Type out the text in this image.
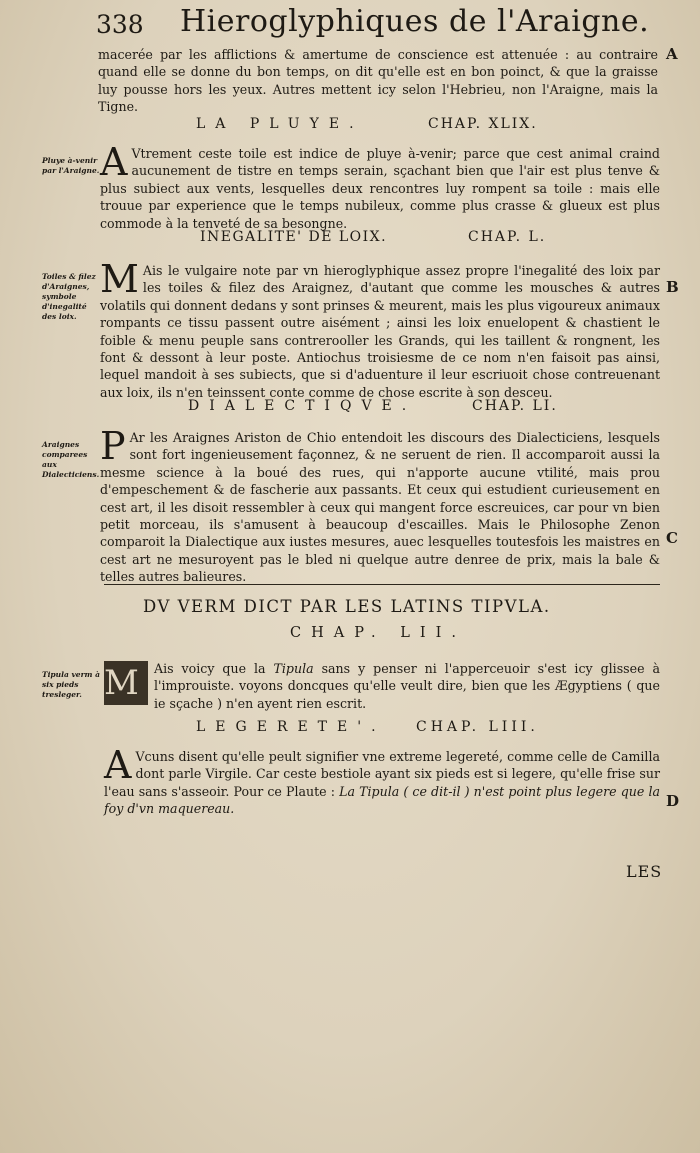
338 Hieroglyphiques de l'Araigne.
macerée par les afflictions & amertume de conscience est attenuée : au contraire quand elle se donne du bon temps, on dit qu'elle est en bon poinct, & que la graisse luy pousse hors les yeux. Autres mettent icy selon l'Hebrieu, non l'Araigne, mais la Tigne.
A
LA PLUYE.	CHAP. XLIX.
Pluye à-venir par l'Araigne. A Vtrement ceste toile est indice de pluye à-venir; parce que cest animal craind aucunement de tistre en temps serain, sçachant bien que l'air est plus tenve & plus subiect aux vents, lesquelles deux rencontres luy rompent sa toile : mais elle trouue par experience que le temps nubileux, comme plus crasse & glueux est plus commode à la tenveté de sa besongne.
INEGALITE' DE LOIX.	CHAP. L.
Toiles & filez d'Araignes, symbole d'inegalité des loix.
M Ais le vulgaire note par vn hieroglyphique assez propre l'inegalité des loix par les toiles & filez des Araignez, d'autant que comme les mousches & autres volatils qui donnent dedans y sont prinses & meurent, mais les plus vigoureux animaux rompants ce tissu passent outre aisément ; ainsi les loix enuelopent & chastient le foible & menu peuple sans contrerooller les Grands, qui les taillent & rongnent, les font & dessont à leur poste. Antiochus troisiesme de ce nom n'en faisoit pas ainsi, lequel mandoit à ses subiects, que si d'aduenture il leur escriuoit chose contreuenant aux loix, ils n'en teinssent conte comme de chose escrite à son desceu.
B
DIALECTIQVE.	CHAP. LI.
Araignes comparees aux Dialecticiens.
P Ar les Araignes Ariston de Chio entendoit les discours des Dialecticiens, lesquels sont fort ingenieusement façonnez, & ne seruent de rien. Il accomparoit aussi la mesme science à la boué des rues, qui n'apporte aucune vtilité, mais prou d'empeschement & de fascherie aux passants. Et ceux qui estudient curieusement en cest art, il les disoit ressembler à ceux qui mangent force escreuices, car pour vn bien petit morceau, ils s'amusent à beaucoup d'escailles. Mais le Philosophe Zenon comparoit la Dialectique aux iustes mesures, auec lesquelles toutesfois les maistres en cest art ne mesuroyent pas le bled ni quelque autre denree de prix, mais la bale & telles autres balieures.
C
DV VERM DICT PAR LES LATINS TIPVLA.
CHAP. LII.
Tipula verm à six pieds tresleger. M	Ais voicy que la Tipula sans y penser ni l'apperceuoir s'est icy glissee à l'improuiste. voyons doncques qu'elle veult dire, bien que les Ægyptiens ( que ie sçache ) n'en ayent rien escrit.
LEGERETE'. CHAP. LIII.
A Vcuns disent qu'elle peult signifier vne extreme legereté, comme celle de Camilla dont parle Virgile. Car ceste bestiole ayant six pieds est si legere, qu'elle frise sur l'eau sans s'asseoir. Pour ce Plaute : La Tipula ( ce dit-il ) n'est point plus legere que la foy d'vn maquereau.	D
LES
